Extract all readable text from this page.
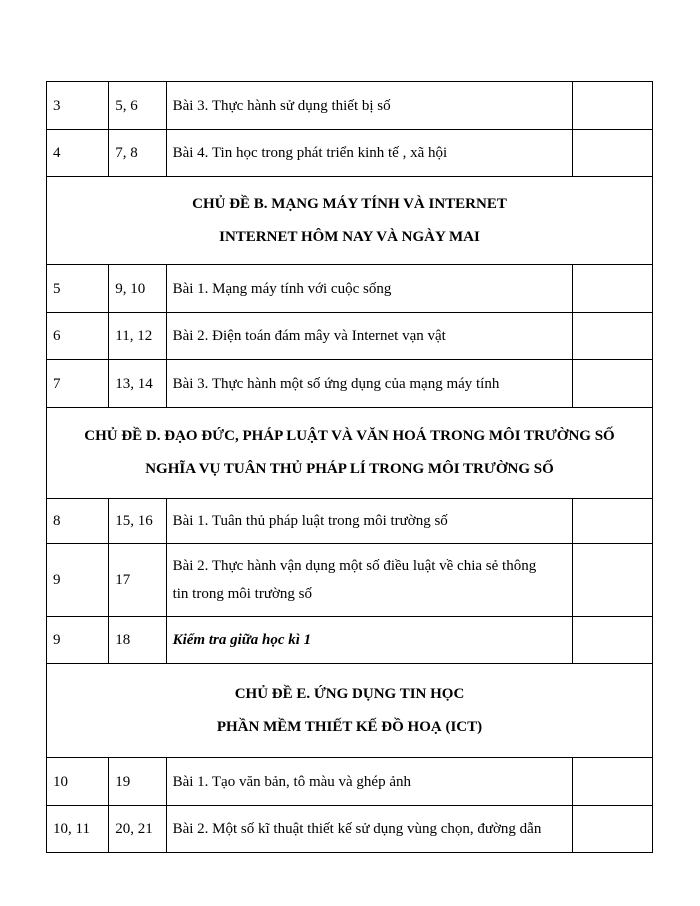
3	5, 6	Bài 3. Thực hành sử dụng thiết bị số	
4	7, 8	Bài 4. Tin học trong phát triển kinh tế , xã hội	

CHỦ ĐỀ B. MẠNG MÁY TÍNH VÀ INTERNET
INTERNET HÔM NAY VÀ NGÀY MAI			

5	9, 10	Bài 1. Mạng máy tính với cuộc sống	
6	11, 12	Bài 2. Điện toán đám mây và Internet vạn vật	
7	13, 14	Bài 3. Thực hành một số ứng dụng của mạng máy tính	

CHỦ ĐỀ D. ĐẠO ĐỨC, PHÁP LUẬT VÀ VĂN HOÁ TRONG MÔI TRƯỜNG SỐ
NGHĨA VỤ TUÂN THỦ PHÁP LÍ TRONG MÔI TRƯỜNG SỐ			

8	15, 16	Bài 1. Tuân thủ pháp luật trong môi trường số	
9	17	Bài 2. Thực hành vận dụng một số điều luật về chia sẻ thông
tin trong môi trường số	

9	18	Kiểm tra giữa học kì 1	

CHỦ ĐỀ E. ỨNG DỤNG TIN HỌC
PHẦN MỀM THIẾT KẾ ĐỒ HOẠ (ICT)			

10	19	Bài 1. Tạo văn bản, tô màu và ghép ảnh	
10, 11	20, 21	Bài 2. Một số kĩ thuật thiết kế sử dụng vùng chọn, đường dẫn	
